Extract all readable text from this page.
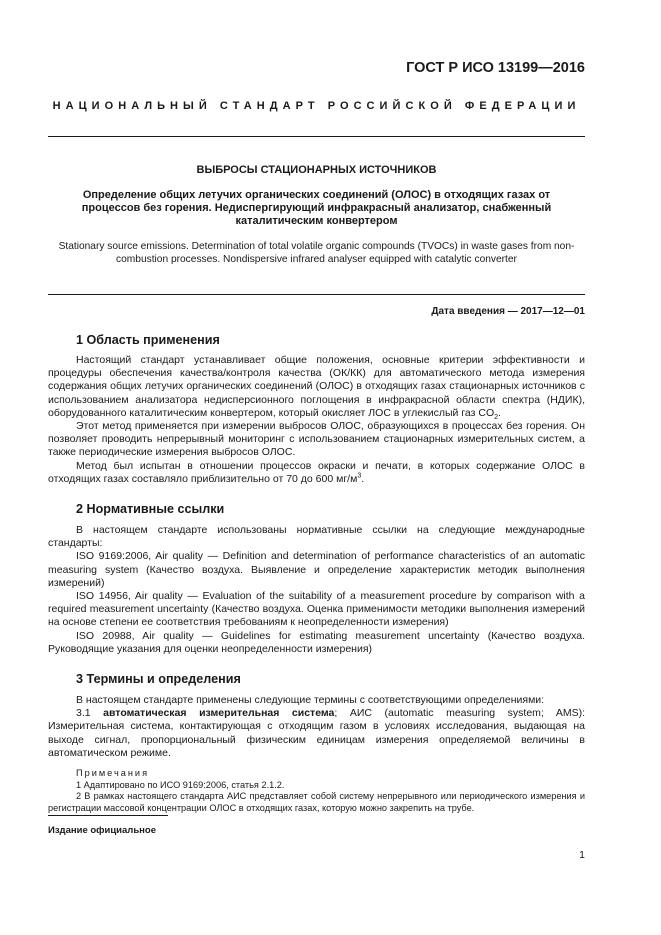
ГОСТ Р ИСО 13199—2016
НАЦИОНАЛЬНЫЙ СТАНДАРТ РОССИЙСКОЙ ФЕДЕРАЦИИ
ВЫБРОСЫ СТАЦИОНАРНЫХ ИСТОЧНИКОВ
Определение общих летучих органических соединений (ОЛОС) в отходящих газах от процессов без горения. Недиспергирующий инфракрасный анализатор, снабженный каталитическим конвертером
Stationary source emissions. Determination of total volatile organic compounds (TVOCs) in waste gases from non-combustion processes. Nondispersive infrared analyser equipped with catalytic converter
Дата введения — 2017—12—01
1 Область применения

Настоящий стандарт устанавливает общие положения, основные критерии эффективности и процедуры обеспечения качества/контроля качества (ОК/КК) для автоматического метода измерения содержания общих летучих органических соединений (ОЛОС) в отходящих газах стационарных источников с использованием анализатора недисперсионного поглощения в инфракрасной области спектра (НДИК), оборудованного каталитическим конвертером, который окисляет ЛОС в углекислый газ $CO_2$.

Этот метод применяется при измерении выбросов ОЛОС, образующихся в процессах без горения. Он позволяет проводить непрерывный мониторинг с использованием стационарных измерительных систем, а также периодические измерения выбросов ОЛОС.

Метод был испытан в отношении процессов окраски и печати, в которых содержание ОЛОС в отходящих газах составляло приблизительно от 70 до 600 $мг/м^3$.

2 Нормативные ссылки

В настоящем стандарте использованы нормативные ссылки на следующие международные стандарты:

ISO 9169:2006, Air quality — Definition and determination of performance characteristics of an automatic measuring system (Качество воздуха. Выявление и определение характеристик методик выполнения измерений)

ISO 14956, Air quality — Evaluation of the suitability of a measurement procedure by comparison with a required measurement uncertainty (Качество воздуха. Оценка применимости методики выполнения измерений на основе степени ее соответствия требованиям к неопределенности измерения)

ISO 20988, Air quality — Guidelines for estimating measurement uncertainty (Качество воздуха. Руководящие указания для оценки неопределенности измерения)

3 Термины и определения

В настоящем стандарте применены следующие термины с соответствующими определениями:

3.1 автоматическая измерительная система; АИС (automatic measuring system; AMS): Измерительная система, контактирующая с отходящим газом в условиях исследования, выдающая на выходе сигнал, пропорциональный физическим единицам измерения определяемой величины в автоматическом режиме.

Примечания

1 Адаптировано по ИСО 9169:2006, статья 2.1.2.

2 В рамках настоящего стандарта АИС представляет собой систему непрерывного или периодического измерения и регистрации массовой концентрации ОЛОС в отходящих газах, которую можно закрепить на трубе.

Издание официальное
1
